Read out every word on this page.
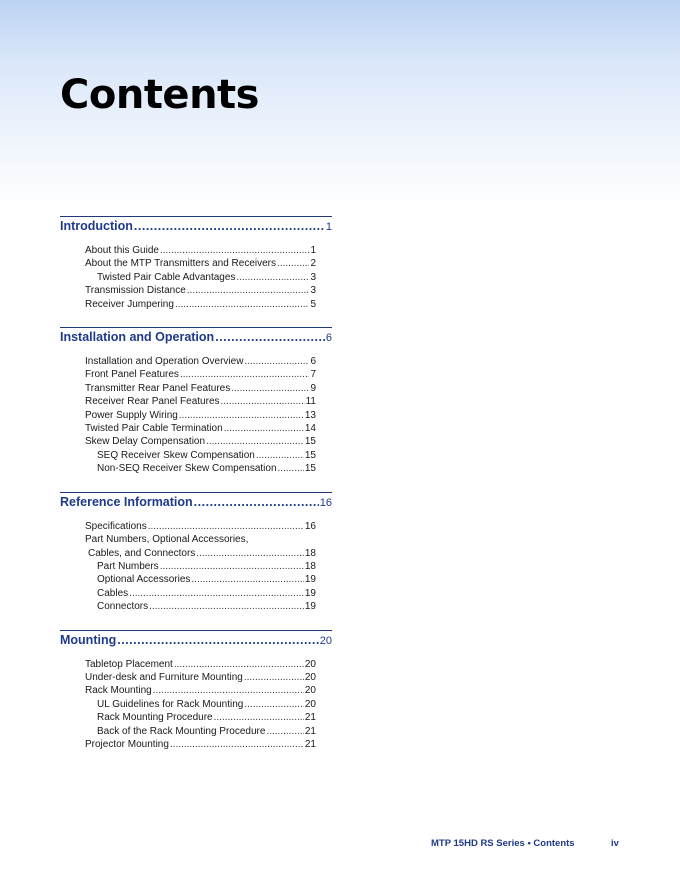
Contents
Introduction .....	1
About this Guide .....	1
About the MTP Transmitters and Receivers .....	2
Twisted Pair Cable Advantages .....	3
Transmission Distance .....	3
Receiver Jumpering .....	5
Installation and Operation .....	6
Installation and Operation Overview .....	6
Front Panel Features .....	7
Transmitter Rear Panel Features .....	9
Receiver Rear Panel Features .....	11
Power Supply Wiring .....	13
Twisted Pair Cable Termination .....	14
Skew Delay Compensation .....	15
SEQ Receiver Skew Compensation .....	15
Non-SEQ Receiver Skew Compensation .....	15
Reference Information .....	16
Specifications .....	16
Part Numbers, Optional Accessories,
Cables, and Connectors .....	18
Part Numbers .....	18
Optional Accessories .....	19
Cables .....	19
Connectors .....	19
Mounting .....	20
Tabletop Placement .....	20
Under-desk and Furniture Mounting .....	20
Rack Mounting .....	20
UL Guidelines for Rack Mounting .....	20
Rack Mounting Procedure .....	21
Back of the Rack Mounting Procedure .....	21
Projector Mounting .....	21
MTP 15HD RS Series • Contents	iv
